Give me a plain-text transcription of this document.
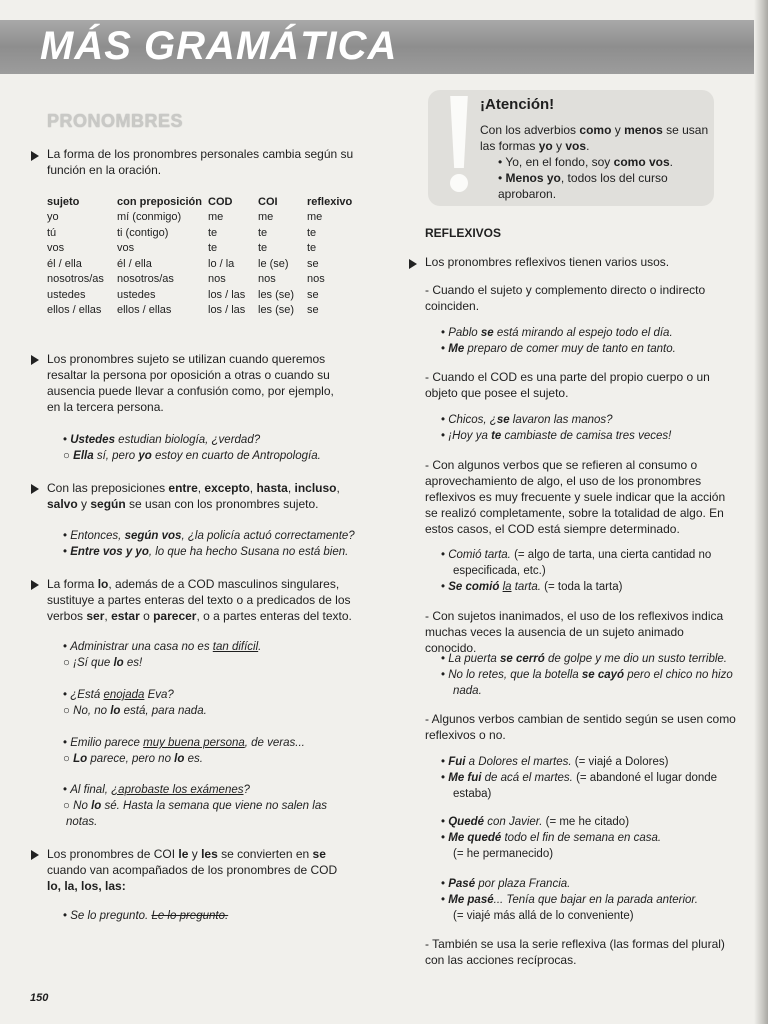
MÁS GRAMÁTICA
PRONOMBRES
La forma de los pronombres personales cambia según su función en la oración.
sujeto	con preposición	COD	COI	reflexivo
yo	mí (conmigo)	me	me	me
tú	ti (contigo)	te	te	te
vos	vos	te	te	te
él / ella	él / ella	lo / la	le (se)	se
nosotros/as	nosotros/as	nos	nos	nos
ustedes	ustedes	los / las	les (se)	se
ellos / ellas	ellos / ellas	los / las	les (se)	se
Los pronombres sujeto se utilizan cuando queremos resaltar la persona por oposición a otras o cuando su ausencia puede llevar a confusión como, por ejemplo, en la tercera persona.
• Ustedes estudian biología, ¿verdad?
○ Ella sí, pero yo estoy en cuarto de Antropología.
Con las preposiciones entre, excepto, hasta, incluso, salvo y según se usan con los pronombres sujeto.
• Entonces, según vos, ¿la policía actuó correctamente?
• Entre vos y yo, lo que ha hecho Susana no está bien.
La forma lo, además de a COD masculinos singulares, sustituye a partes enteras del texto o a predicados de los verbos ser, estar o parecer, o a partes enteras del texto.
• Administrar una casa no es tan difícil.
○ ¡Sí que lo es!
• ¿Está enojada Eva?
○ No, no lo está, para nada.
• Emilio parece muy buena persona, de veras...
○ Lo parece, pero no lo es.
• Al final, ¿aprobaste los exámenes?
○ No lo sé. Hasta la semana que viene no salen las
notas.
Los pronombres de COI le y les se convierten en se cuando van acompañados de los pronombres de COD lo, la, los, las:
• Se lo pregunto. Le lo pregunto.
¡Atención!
Con los adverbios como y menos se usan las formas yo y vos.
• Yo, en el fondo, soy como vos.
• Menos yo, todos los del curso aprobaron.
REFLEXIVOS
Los pronombres reflexivos tienen varios usos.
- Cuando el sujeto y complemento directo o indirecto coinciden.
• Pablo se está mirando al espejo todo el día.
• Me preparo de comer muy de tanto en tanto.
- Cuando el COD es una parte del propio cuerpo o un objeto que posee el sujeto.
• Chicos, ¿se lavaron las manos?
• ¡Hoy ya te cambiaste de camisa tres veces!
- Con algunos verbos que se refieren al consumo o aprovechamiento de algo, el uso de los pronombres reflexivos es muy frecuente y suele indicar que la acción se realizó completamente, sobre la totalidad de algo. En estos casos, el COD está siempre determinado.
• Comió tarta. (= algo de tarta, una cierta cantidad no especificada, etc.)
• Se comió la tarta. (= toda la tarta)
- Con sujetos inanimados, el uso de los reflexivos indica muchas veces la ausencia de un sujeto animado conocido.
• La puerta se cerró de golpe y me dio un susto terrible.
• No lo retes, que la botella se cayó pero el chico no hizo nada.
- Algunos verbos cambian de sentido según se usen como reflexivos o no.
• Fui a Dolores el martes. (= viajé a Dolores)
• Me fui de acá el martes. (= abandoné el lugar donde estaba)
• Quedé con Javier. (= me he citado)
• Me quedé todo el fin de semana en casa.
(= he permanecido)
• Pasé por plaza Francia.
• Me pasé... Tenía que bajar en la parada anterior.
(= viajé más allá de lo conveniente)
- También se usa la serie reflexiva (las formas del plural) con las acciones recíprocas.
150
